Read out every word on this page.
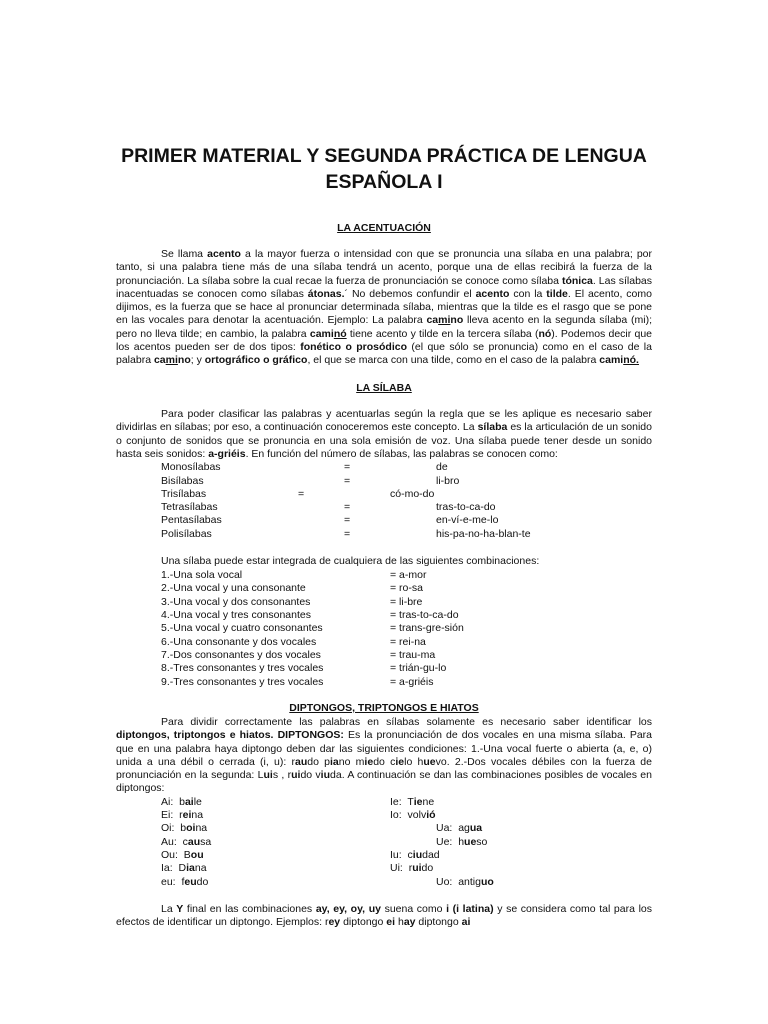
PRIMER MATERIAL Y SEGUNDA PRÁCTICA DE LENGUA ESPAÑOLA I
LA ACENTUACIÓN

Se llama acento a la mayor fuerza o intensidad con que se pronuncia una sílaba en una palabra; por tanto, si una palabra tiene más de una sílaba tendrá un acento, porque una de ellas recibirá la fuerza de la pronunciación. La sílaba sobre la cual recae la fuerza de pronunciación se conoce como sílaba tónica. Las sílabas inacentuadas se conocen como sílabas átonas.´ No debemos confundir el acento con la tilde. El acento, como dijimos, es la fuerza que se hace al pronunciar determinada sílaba, mientras que la tilde es el rasgo que se pone en las vocales para denotar la acentuación. Ejemplo: La palabra camino lleva acento en la segunda sílaba (mi); pero no lleva tilde; en cambio, la palabra caminó tiene acento y tilde en la tercera sílaba (nó). Podemos decir que los acentos pueden ser de dos tipos: fonético o prosódico (el que sólo se pronuncia) como en el caso de la palabra camino; y ortográfico o gráfico, el que se marca con una tilde, como en el caso de la palabra caminó.

LA SÍLABA

Para poder clasificar las palabras y acentuarlas según la regla que se les aplique es necesario saber dividirlas en sílabas; por eso, a continuación conoceremos este concepto. La sílaba es la articulación de un sonido o conjunto de sonidos que se pronuncia en una sola emisión de voz. Una sílaba puede tener desde un sonido hasta seis sonidos: a-griéis. En función del número de sílabas, las palabras se conocen como:

Monosílabas	=	de
Bisílabas	=	li-bro
Trisílabas	=	có-mo-do
Tetrasílabas	=	tras-to-ca-do
Pentasílabas	=	en-ví-e-me-lo
Polisílabas	=	his-pa-no-ha-blan-te
Una sílaba puede estar integrada de cualquiera de las siguientes combinaciones:
1.-Una sola vocal	= a-mor
2.-Una vocal y una consonante	= ro-sa
3.-Una vocal y dos consonantes	= li-bre
4.-Una vocal y tres consonantes	= tras-to-ca-do
5.-Una vocal y cuatro consonantes	= trans-gre-sión
6.-Una consonante y dos vocales	= rei-na
7.-Dos consonantes y dos vocales	= trau-ma
8.-Tres consonantes y tres vocales	= trián-gu-lo
9.-Tres consonantes y tres vocales	= a-griéis
DIPTONGOS, TRIPTONGOS E HIATOS

Para dividir correctamente las palabras en sílabas solamente es necesario saber identificar los diptongos, triptongos e hiatos. DIPTONGOS: Es la pronunciación de dos vocales en una misma sílaba. Para que en una palabra haya diptongo deben dar las siguientes condiciones: 1.-Una vocal fuerte o abierta (a, e, o) unida a una débil o cerrada (i, u): raudo piano miedo cielo huevo. 2.-Dos vocales débiles con la fuerza de pronunciación en la segunda: Luis , ruido viuda. A continuación se dan las combinaciones posibles de vocales en diptongos:

Ai: baile	Ie: Tiene
Ei: reina	Io: volvió
Oi: boina	Ua: agua
Au: causa	Ue: hueso
Ou: Bou	Iu: ciudad
Ia: Diana	Ui: ruido
eu: feudo	Uo: antiguo

La Y final en las combinaciones ay, ey, oy, uy suena como i (i latina) y se considera como tal para los efectos de identificar un diptongo. Ejemplos: rey diptongo ei hay diptongo ai
